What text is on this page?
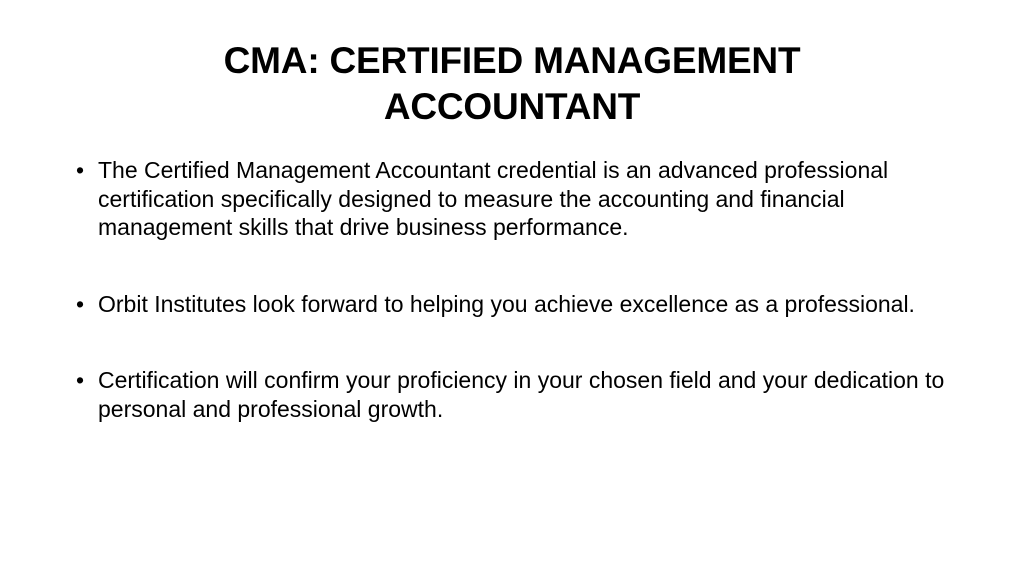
CMA: CERTIFIED MANAGEMENT
ACCOUNTANT
• The Certified Management Accountant credential is an advanced professional certification specifically designed to measure the accounting and financial management skills that drive business performance.
• Orbit Institutes look forward to helping you achieve excellence as a professional.
• Certification will confirm your proficiency in your chosen field and your dedication to personal and professional growth.
